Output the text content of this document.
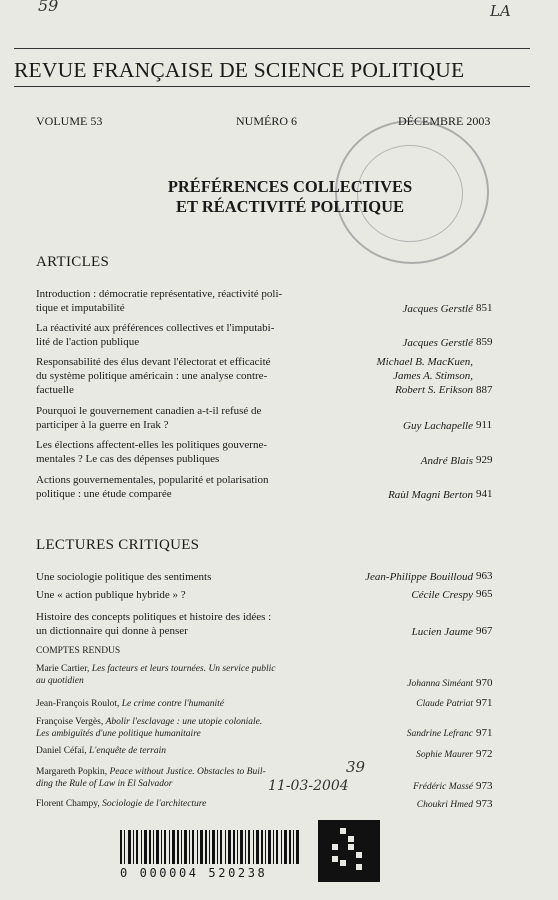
59	LA
REVUE FRANÇAISE DE SCIENCE POLITIQUE
VOLUME 53	NUMÉRO 6	DÉCEMBRE 2003
PRÉFÉRENCES COLLECTIVES
ET RÉACTIVITÉ POLITIQUE
ARTICLES
Introduction : démocratie représentative, réactivité poli-
tique et imputabilité	Jacques Gerstlé 851
La réactivité aux préférences collectives et l'imputabi-
lité de l'action publique	Jacques Gerstlé 859
Responsabilité des élus devant l'électorat et efficacité
du système politique américain : une analyse contre-
factuelle
Michael B. MacKuen,
James A. Stimson,
Robert S. Erikson 887
Pourquoi le gouvernement canadien a-t-il refusé de
participer à la guerre en Irak ?	Guy Lachapelle 911
Les élections affectent-elles les politiques gouverne-
mentales ? Le cas des dépenses publiques	André Blais 929
Actions gouvernementales, popularité et polarisation
politique : une étude comparée	Raùl Magni Berton 941
LECTURES CRITIQUES
Une sociologie politique des sentiments	Jean-Philippe Bouilloud 963
Une « action publique hybride » ?	Cécile Crespy 965
Histoire des concepts politiques et histoire des idées :
un dictionnaire qui donne à penser	Lucien Jaume 967
COMPTES RENDUS
Marie Cartier, Les facteurs et leurs tournées. Un service public
au quotidien	Johanna Siméant 970
Jean-François Roulot, Le crime contre l'humanité	Claude Patriat 971
Françoise Vergès, Abolir l'esclavage : une utopie coloniale.
Les ambiguïtés d'une politique humanitaire	Sandrine Lefranc 971
Daniel Céfaï, L'enquête de terrain	Sophie Maurer 972
Margareth Popkin, Peace without Justice. Obstacles to Buil-
ding the Rule of Law in El Salvador	Frédéric Massé 973
Florent Champy, Sociologie de l'architecture	Choukri Hmed 973
39
11-03-2004
0 000004 520238
